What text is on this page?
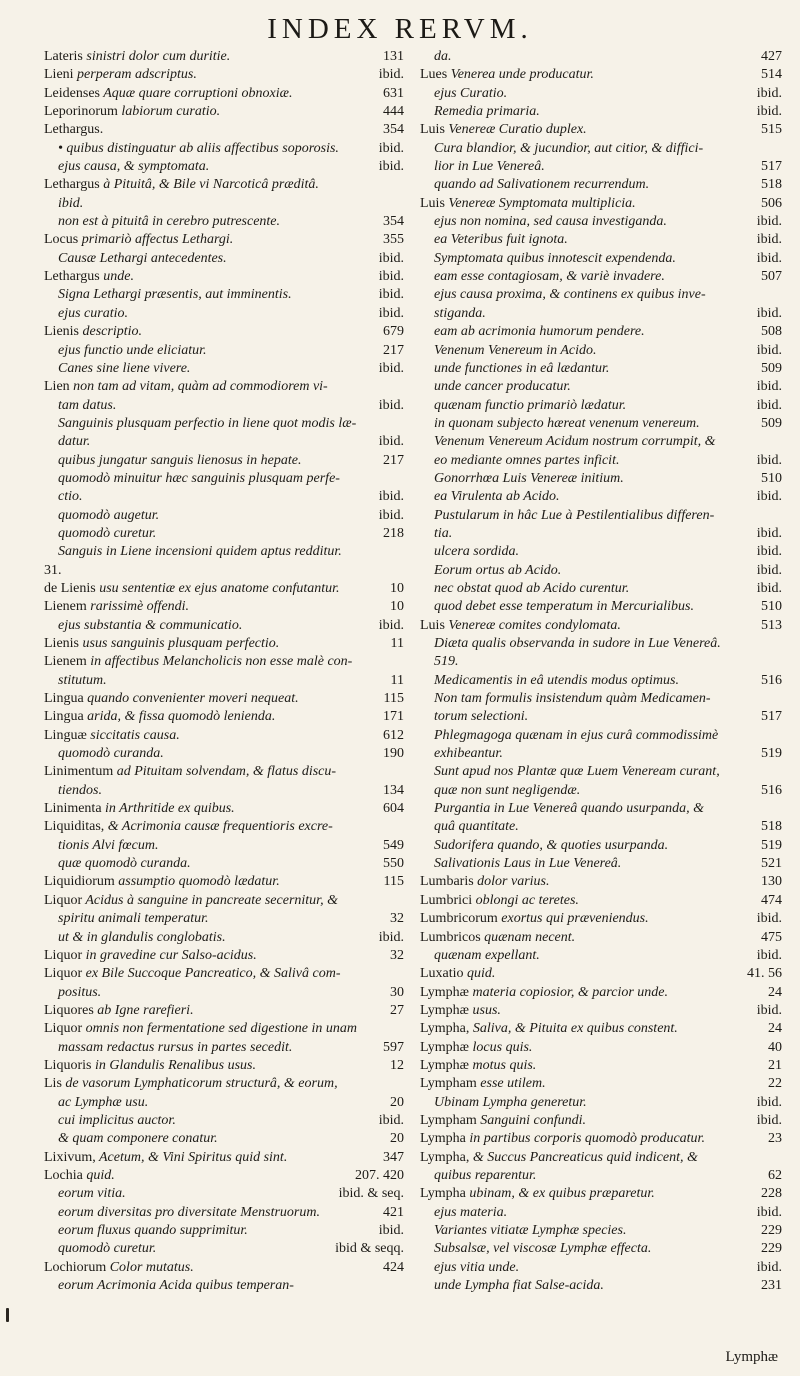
INDEX RERVM.
Lateris sinistri dolor cum duritie.	131
Lieni perperam adscriptus.	ibid.
Leidenses Aquæ quare corruptioni obnoxiæ.	631
Leporinorum labiorum curatio.	444
Lethargus.	354
• quibus distinguatur ab aliis affectibus soporosis.	ibid.
ejus causa, & symptomata.	ibid.
Lethargus à Pituitâ, & Bile vi Narcoticâ præditâ.
ibid.
non est à pituitâ in cerebro putrescente.	354
Locus primariò affectus Lethargi.	355
Causæ Lethargi antecedentes.	ibid.
Lethargus unde.	ibid.
Signa Lethargi præsentis, aut imminentis.	ibid.
ejus curatio.	ibid.
Lienis descriptio.	679
ejus functio unde eliciatur.	217
Canes sine liene vivere.	ibid.
Lien non tam ad vitam, quàm ad commodiorem vi-
tam datus.	ibid.
Sanguinis plusquam perfectio in liene quot modis læ-
datur.	ibid.
quibus jungatur sanguis lienosus in hepate.	217
quomodò minuitur hæc sanguinis plusquam perfe-
ctio.	ibid.
quomodò augetur.	ibid.
quomodò curetur.	218
Sanguis in Liene incensioni quidem aptus redditur.
31.
de Lienis usu sententiæ ex ejus anatome confutantur.	10
Lienem rarissimè offendi.	10
ejus substantia & communicatio.	ibid.
Lienis usus sanguinis plusquam perfectio.	11
Lienem in affectibus Melancholicis non esse malè con-
stitutum.	11
Lingua quando convenienter moveri nequeat.	115
Lingua arida, & fissa quomodò lenienda.	171
Linguæ siccitatis causa.	612
quomodò curanda.	190
Linimentum ad Pituitam solvendam, & flatus discu-
tiendos.	134
Linimenta in Arthritide ex quibus.	604
Liquiditas, & Acrimonia causæ frequentioris excre-
tionis Alvi fœcum.	549
quæ quomodò curanda.	550
Liquidiorum assumptio quomodò lædatur.	115
Liquor Acidus à sanguine in pancreate secernitur, &
spiritu animali temperatur.	32
ut & in glandulis conglobatis.	ibid.
Liquor in gravedine cur Salso-acidus.	32
Liquor ex Bile Succoque Pancreatico, & Salivâ com-
positus.	30
Liquores ab Igne rarefieri.	27
Liquor omnis non fermentatione sed digestione in unam
massam redactus rursus in partes secedit.	597
Liquoris in Glandulis Renalibus usus.	12
Lis de vasorum Lymphaticorum structurâ, & eorum,
ac Lymphæ usu.	20
cui implicitus auctor.	ibid.
& quam componere conatur.	20
Lixivum, Acetum, & Vini Spiritus quid sint.	347
Lochia quid.	207. 420
eorum vitia.	ibid. & seq.
eorum diversitas pro diversitate Menstruorum.	421
eorum fluxus quando supprimitur.	ibid.
quomodò curetur.	ibid & seqq.
Lochiorum Color mutatus.	424
eorum Acrimonia Acida quibus temperan-
da.	427
Lues Venerea unde producatur.	514
ejus Curatio.	ibid.
Remedia primaria.	ibid.
Luis Venereæ Curatio duplex.	515
Cura blandior, & jucundior, aut citior, & diffici-
lior in Lue Venereâ.	517
quando ad Salivationem recurrendum.	518
Luis Venereæ Symptomata multiplicia.	506
ejus non nomina, sed causa investiganda.	ibid.
ea Veteribus fuit ignota.	ibid.
Symptomata quibus innotescit expendenda.	ibid.
eam esse contagiosam, & variè invadere.	507
ejus causa proxima, & continens ex quibus inve-
stiganda.	ibid.
eam ab acrimonia humorum pendere.	508
Venenum Venereum in Acido.	ibid.
unde functiones in eâ lædantur.	509
unde cancer producatur.	ibid.
quænam functio primariò lædatur.	ibid.
in quonam subjecto hæreat venenum venereum.	509
Venenum Venereum Acidum nostrum corrumpit, &
eo mediante omnes partes inficit.	ibid.
Gonorrhœa Luis Venereæ initium.	510
ea Virulenta ab Acido.	ibid.
Pustularum in hâc Lue à Pestilentialibus differen-
tia.	ibid.
ulcera sordida.	ibid.
Eorum ortus ab Acido.	ibid.
nec obstat quod ab Acido curentur.	ibid.
quod debet esse temperatum in Mercurialibus.	510
Luis Venereæ comites condylomata.	513
Diæta qualis observanda in sudore in Lue Venereâ.
519.
Medicamentis in eâ utendis modus optimus.	516
Non tam formulis insistendum quàm Medicamen-
torum selectioni.	517
Phlegmagoga quænam in ejus curâ commodissimè
exhibeantur.	519
Sunt apud nos Plantæ quæ Luem Veneream curant,
quæ non sunt negligendæ.	516
Purgantia in Lue Venereâ quando usurpanda, &
quâ quantitate.	518
Sudorifera quando, & quoties usurpanda.	519
Salivationis Laus in Lue Venereâ.	521
Lumbaris dolor varius.	130
Lumbrici oblongi ac teretes.	474
Lumbricorum exortus qui præveniendus.	ibid.
Lumbricos quænam necent.	475
quænam expellant.	ibid.
Luxatio quid.	41. 56
Lymphæ materia copiosior, & parcior unde.	24
Lymphæ usus.	ibid.
Lympha, Saliva, & Pituita ex quibus constent.	24
Lymphæ locus quis.	40
Lymphæ motus quis.	21
Lympham esse utilem.	22
Ubinam Lympha generetur.	ibid.
Lympham Sanguini confundi.	ibid.
Lympha in partibus corporis quomodò producatur.	23
Lympha, & Succus Pancreaticus quid indicent, &
quibus reparentur.	62
Lympha ubinam, & ex quibus præparetur.	228
ejus materia.	ibid.
Variantes vitiatæ Lymphæ species.	229
Subsalsæ, vel viscosæ Lymphæ effecta.	229
ejus vitia unde.	ibid.
unde Lympha fiat Salse-acida.	231
Lymphæ
